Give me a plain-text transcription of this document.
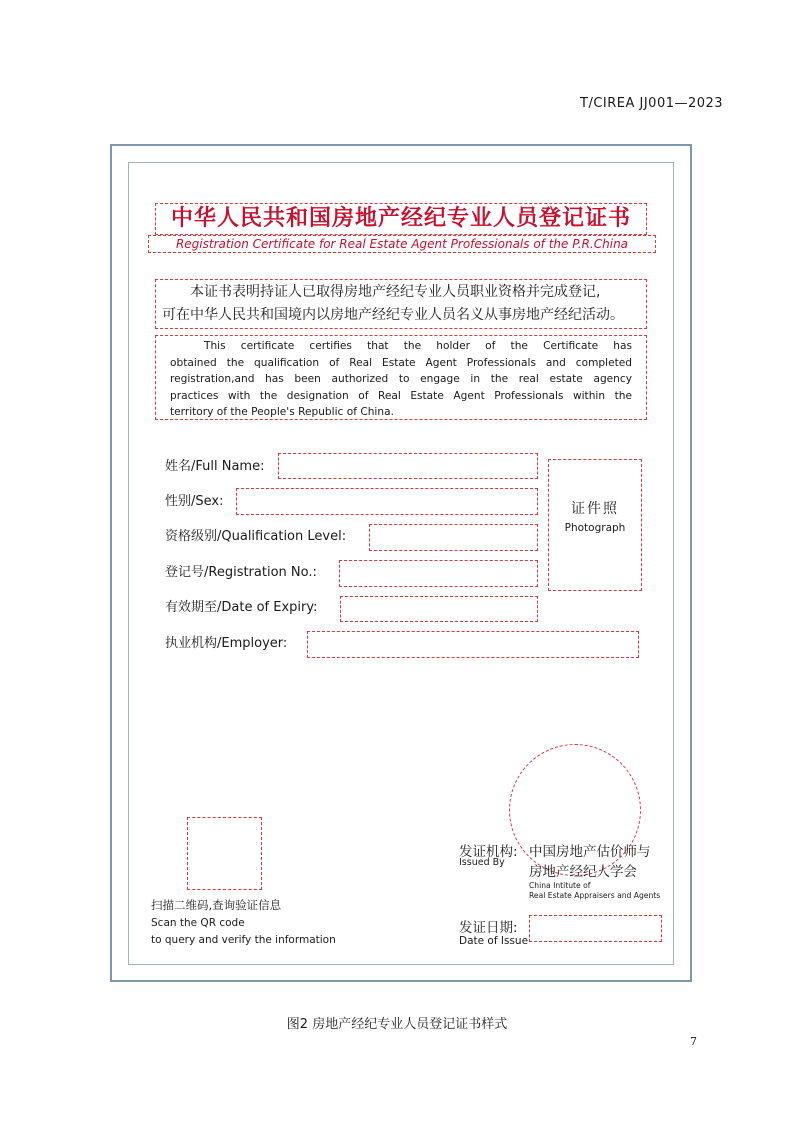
T/CIREA JJ001—2023
中华人民共和国房地产经纪专业人员登记证书
Registration Certificate for Real Estate Agent Professionals of the P.R.China
本证书表明持证人已取得房地产经纪专业人员职业资格并完成登记,
可在中华人民共和国境内以房地产经纪专业人员名义从事房地产经纪活动。
This certificate certifies that the holder of the Certificate has
obtained the qualification of Real Estate Agent Professionals and completed
registration,and has been authorized to engage in the real estate agency
practices with the designation of Real Estate Agent Professionals within the
territory of the People's Republic of China.
姓名/Full Name:
性别/Sex:
资格级别/Qualification Level:
登记号/Registration No.:
有效期至/Date of Expiry:
执业机构/Employer:
证件照
Photograph
扫描二维码,查询验证信息
Scan the QR code
to query and verify the information
发证机构:
Issued By
中国房地产估价师与
房地产经纪人学会
China Intitute of
Real Estate Appraisers and Agents
发证日期:
Date of Issue
图2 房地产经纪专业人员登记证书样式
7
